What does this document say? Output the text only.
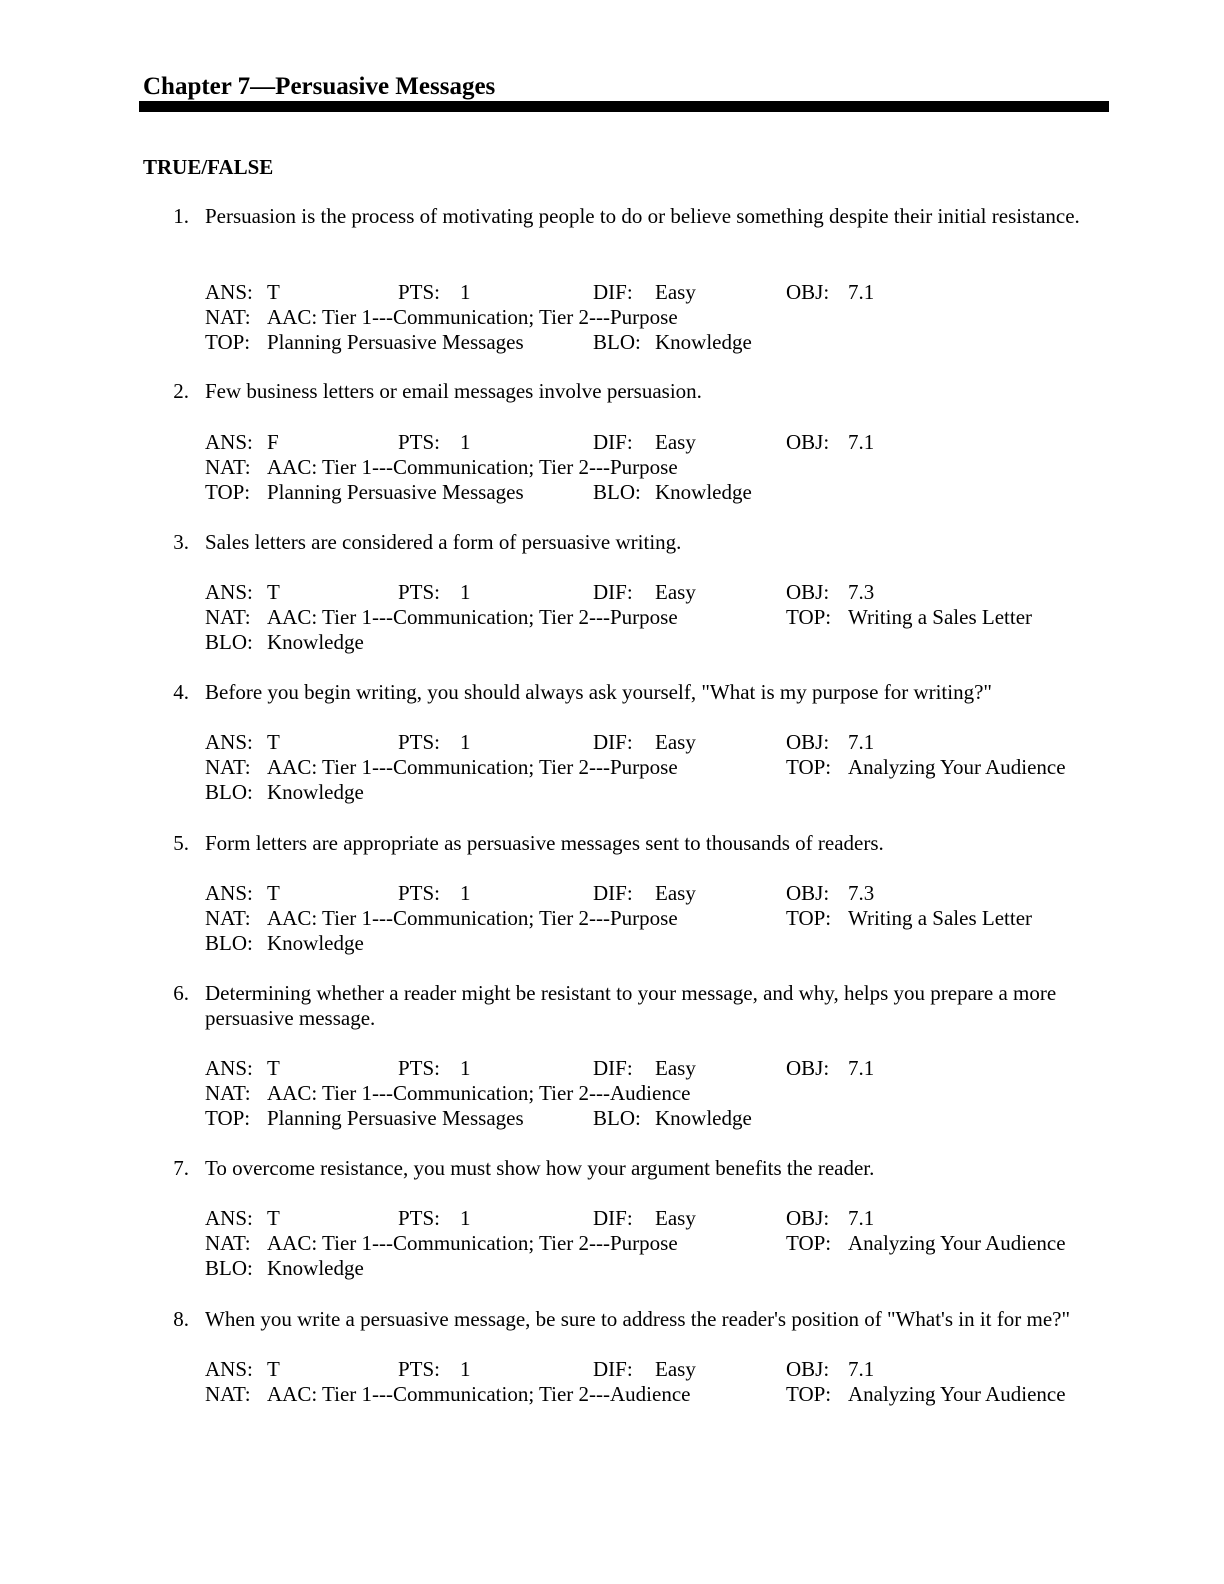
Chapter 7—Persuasive Messages
TRUE/FALSE
1. Persuasion is the process of motivating people to do or believe something despite their initial resistance.
ANS: T	PTS: 1	DIF: Easy	OBJ: 7.1
NAT: AAC: Tier 1---Communication; Tier 2---Purpose
TOP: Planning Persuasive Messages	BLO: Knowledge
2. Few business letters or email messages involve persuasion.
ANS: F	PTS: 1	DIF: Easy	OBJ: 7.1
NAT: AAC: Tier 1---Communication; Tier 2---Purpose
TOP: Planning Persuasive Messages	BLO: Knowledge
3. Sales letters are considered a form of persuasive writing.
ANS: T	PTS: 1	DIF: Easy	OBJ: 7.3
NAT: AAC: Tier 1---Communication; Tier 2---Purpose	TOP: Writing a Sales Letter
BLO: Knowledge
4. Before you begin writing, you should always ask yourself, "What is my purpose for writing?"
ANS: T	PTS: 1	DIF: Easy	OBJ: 7.1
NAT: AAC: Tier 1---Communication; Tier 2---Purpose	TOP: Analyzing Your Audience
BLO: Knowledge
5. Form letters are appropriate as persuasive messages sent to thousands of readers.
ANS: T	PTS: 1	DIF: Easy	OBJ: 7.3
NAT: AAC: Tier 1---Communication; Tier 2---Purpose	TOP: Writing a Sales Letter
BLO: Knowledge
6. Determining whether a reader might be resistant to your message, and why, helps you prepare a more persuasive message.
ANS: T	PTS: 1	DIF: Easy	OBJ: 7.1
NAT: AAC: Tier 1---Communication; Tier 2---Audience
TOP: Planning Persuasive Messages	BLO: Knowledge
7. To overcome resistance, you must show how your argument benefits the reader.
ANS: T	PTS: 1	DIF: Easy	OBJ: 7.1
NAT: AAC: Tier 1---Communication; Tier 2---Purpose	TOP: Analyzing Your Audience
BLO: Knowledge
8. When you write a persuasive message, be sure to address the reader's position of "What's in it for me?"
ANS: T	PTS: 1	DIF: Easy	OBJ: 7.1
NAT: AAC: Tier 1---Communication; Tier 2---Audience	TOP: Analyzing Your Audience
